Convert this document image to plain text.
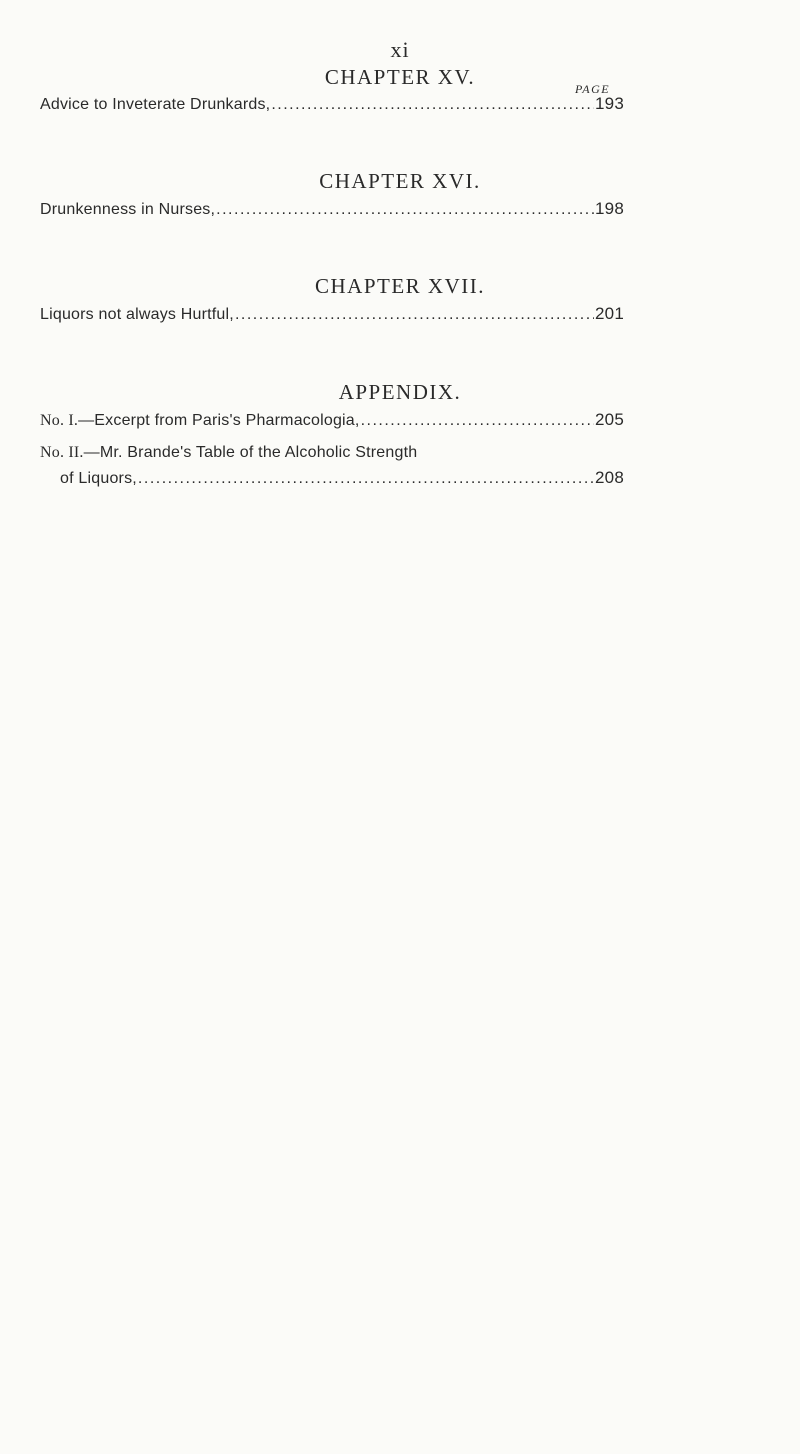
xi
CHAPTER XV.	PAGE
Advice to Inveterate Drunkards, .....	193
CHAPTER XVI.
Drunkenness in Nurses, .....	198
CHAPTER XVII.
Liquors not always Hurtful, .....	201
APPENDIX.
No. I.—Excerpt from Paris's Pharmacologia, .....	205
No. II.—Mr. Brande's Table of the Alcoholic Strength
of Liquors, .....	208
